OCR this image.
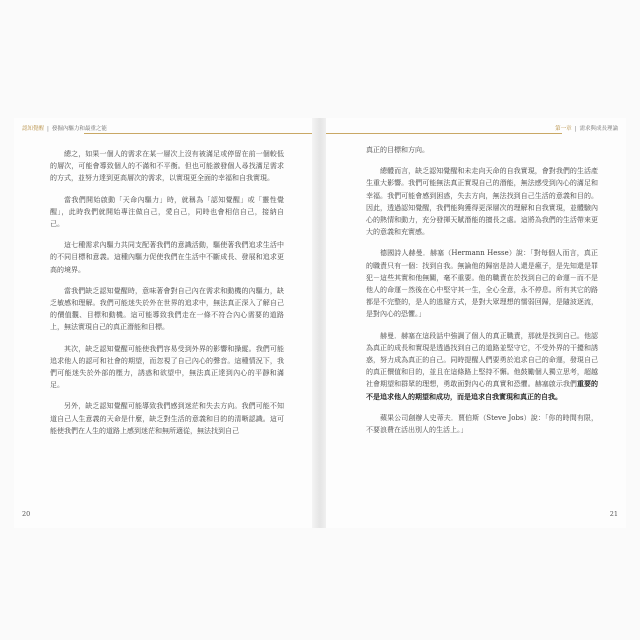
認知覺醒 | 發掘內驅力和最重之能

總之，如果一個人的需求在某一層次上沒有被滿足或停留在前一個較低的層次，可能會導致個人的不滿和不平衡。但也可能激發個人尋找滿足需求的方式，並努力達到更高層次的需求，以實現更全面的幸福和自我實現。

當我們開始啟動「天命內驅力」時，就稱為「認知覺醒」或「靈性覺醒」，此時我們就開始專注做自己，愛自己，同時也會相信自己，接納自己。

這七種需求內驅力共同支配著我們的意識活動，驅使著我們追求生活中的不同目標和意義。這種內驅力促使我們在生活中不斷成長、發展和追求更高的境界。

當我們缺乏認知覺醒時，意味著會對自己內在需求和動機的內驅力，缺乏敏感和理解。我們可能迷失於外在世界的追求中，無法真正深入了解自己的價值觀、目標和動機。這可能導致我們走在一條不符合內心需要的道路上，無法實現自己的真正潛能和目標。

其次，缺乏認知覺醒可能使我們容易受到外界的影響和操縱。我們可能追求他人的認可和社會的期望，而忽視了自己內心的聲音。這種情況下，我們可能迷失於外部的壓力，誘惑和欲望中，無法真正達到內心的平靜和滿足。

另外，缺乏認知覺醒可能導致我們感到迷茫和失去方向。我們可能不知道自己人生意義的天命是什麼，缺乏對生活的意義和目的的清晰認識。這可能使我們在人生的道路上感到迷茫和無所適從，無法找到自己

20
第一章 | 需求與成長理論

真正的目標和方向。

總體而言，缺乏認知覺醒和未走向天命的自我實現，會對我們的生活產生重大影響。我們可能無法真正實現自己的潛能，無法感受到內心的滿足和幸福。我們可能會感到困惑，失去方向，無法找到自己生活的意義和目的。因此，透過認知覺醒，我們能夠獲得更深層次的理解和自我實現，並體驗內心的熱情和動力，充分發揮天賦潛能的擅長之處。這將為我們的生活帶來更大的意義和充實感。

德國詩人赫曼．赫塞（Hermann Hesse）說：「對每個人而言，真正的職責只有一個：找到自我。無論他的歸宿是詩人還是瘋子，是先知還是罪犯－這些其實和他無關，毫不重要。他的職責在於找到自己的命運－而不是他人的命運－然後在心中堅守其一生，全心全意，永不停息。所有其它的路都是不完整的，是人的逃避方式，是對大眾理想的懦弱回歸，是隨波逐流，是對內心的恐懼。」

赫曼．赫塞在這段話中強調了個人的真正職責，那就是找到自己。他認為真正的成長和實現是透過找到自己的道路並堅守它，不受外界的干擾和誘惑，努力成為真正的自己。同時提醒人們要勇於追求自己的命運，發現自己的真正價值和目的，並且在這條路上堅持不懈。他鼓勵個人獨立思考，超越社會期望和群眾的理想，勇敢面對內心的真實和恐懼。赫塞啟示我們重要的不是追求他人的期望和成功，而是追求自我實現和真正的自我。

蘋果公司創辦人史蒂夫．賈伯斯（Steve Jobs）說：「你的時間有限，不要浪費在活出別人的生活上。」

21
